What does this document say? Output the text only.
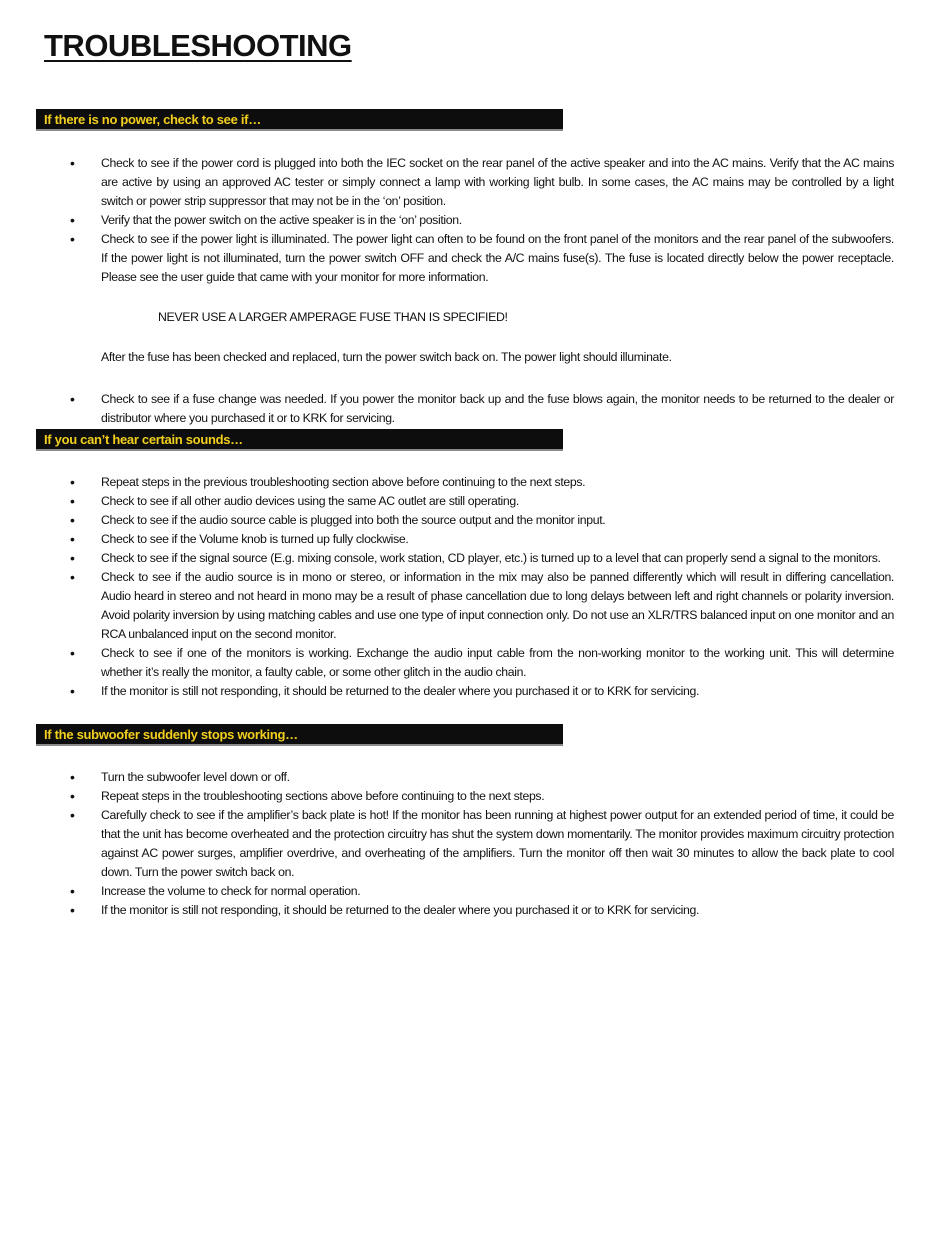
TROUBLESHOOTING
If there is no power, check to see if…
• Check to see if the power cord is plugged into both the IEC socket on the rear panel of the active speaker and into the AC mains. Verify that the AC mains are active by using an approved AC tester or simply connect a lamp with working light bulb. In some cases, the AC mains may be controlled by a light switch or power strip suppressor that may not be in the ‘on’ position.
• Verify that the power switch on the active speaker is in the ‘on’ position.
• Check to see if the power light is illuminated. The power light can often to be found on the front panel of the monitors and the rear panel of the subwoofers. If the power light is not illuminated, turn the power switch OFF and check the A/C mains fuse(s). The fuse is located directly below the power receptacle. Please see the user guide that came with your monitor for more information.
NEVER USE A LARGER AMPERAGE FUSE THAN IS SPECIFIED!
After the fuse has been checked and replaced, turn the power switch back on. The power light should illuminate.
• Check to see if a fuse change was needed. If you power the monitor back up and the fuse blows again, the monitor needs to be returned to the dealer or distributor where you purchased it or to KRK for servicing.
If you can’t hear certain sounds…
• Repeat steps in the previous troubleshooting section above before continuing to the next steps.
• Check to see if all other audio devices using the same AC outlet are still operating.
• Check to see if the audio source cable is plugged into both the source output and the monitor input.
• Check to see if the Volume knob is turned up fully clockwise.
• Check to see if the signal source (E.g. mixing console, work station, CD player, etc.) is turned up to a level that can properly send a signal to the monitors.
• Check to see if the audio source is in mono or stereo, or information in the mix may also be panned differently which will result in differing cancellation. Audio heard in stereo and not heard in mono may be a result of phase cancellation due to long delays between left and right channels or polarity inversion. Avoid polarity inversion by using matching cables and use one type of input connection only. Do not use an XLR/TRS balanced input on one monitor and an RCA unbalanced input on the second monitor.
• Check to see if one of the monitors is working. Exchange the audio input cable from the non-working monitor to the working unit. This will determine whether it’s really the monitor, a faulty cable, or some other glitch in the audio chain.
• If the monitor is still not responding, it should be returned to the dealer where you purchased it or to KRK for servicing.
If the subwoofer suddenly stops working…
• Turn the subwoofer level down or off.
• Repeat steps in the troubleshooting sections above before continuing to the next steps.
• Carefully check to see if the amplifier’s back plate is hot! If the monitor has been running at highest power output for an extended period of time, it could be that the unit has become overheated and the protection circuitry has shut the system down momentarily. The monitor provides maximum circuitry protection against AC power surges, amplifier overdrive, and overheating of the amplifiers. Turn the monitor off then wait 30 minutes to allow the back plate to cool down. Turn the power switch back on.
• Increase the volume to check for normal operation.
• If the monitor is still not responding, it should be returned to the dealer where you purchased it or to KRK for servicing.
